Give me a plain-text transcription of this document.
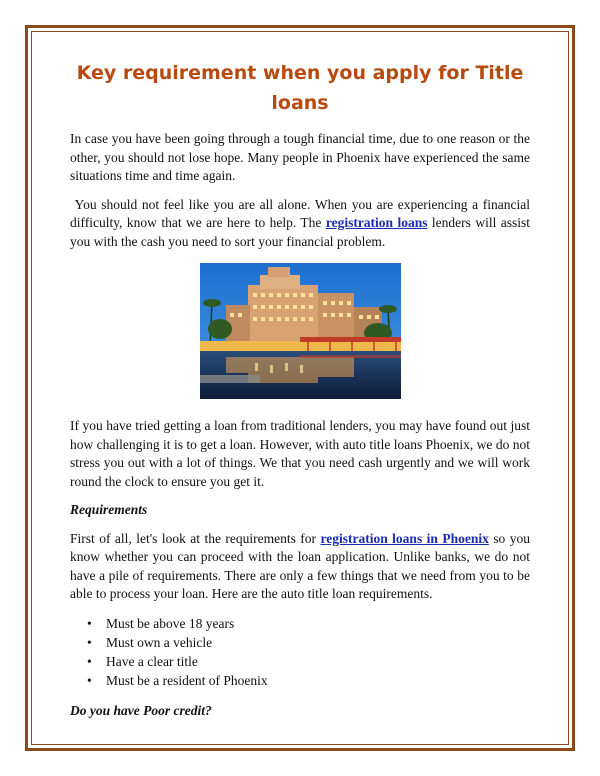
Key requirement when you apply for Title loans

In case you have been going through a tough financial time, due to one reason or the other, you should not lose hope. Many people in Phoenix have experienced the same situations time and time again.

You should not feel like you are all alone. When you are experiencing a financial difficulty, know that we are here to help. The registration loans lenders will assist you with the cash you need to sort your financial problem.

If you have tried getting a loan from traditional lenders, you may have found out just how challenging it is to get a loan. However, with auto title loans Phoenix, we do not stress you out with a lot of things. We that you need cash urgently and we will work round the clock to ensure you get it.

Requirements

First of all, let's look at the requirements for registration loans in Phoenix so you know whether you can proceed with the loan application. Unlike banks, we do not have a pile of requirements. There are only a few things that we need from you to be able to process your loan. Here are the auto title loan requirements.

• Must be above 18 years
• Must own a vehicle
• Have a clear title
• Must be a resident of Phoenix

Do you have Poor credit?
